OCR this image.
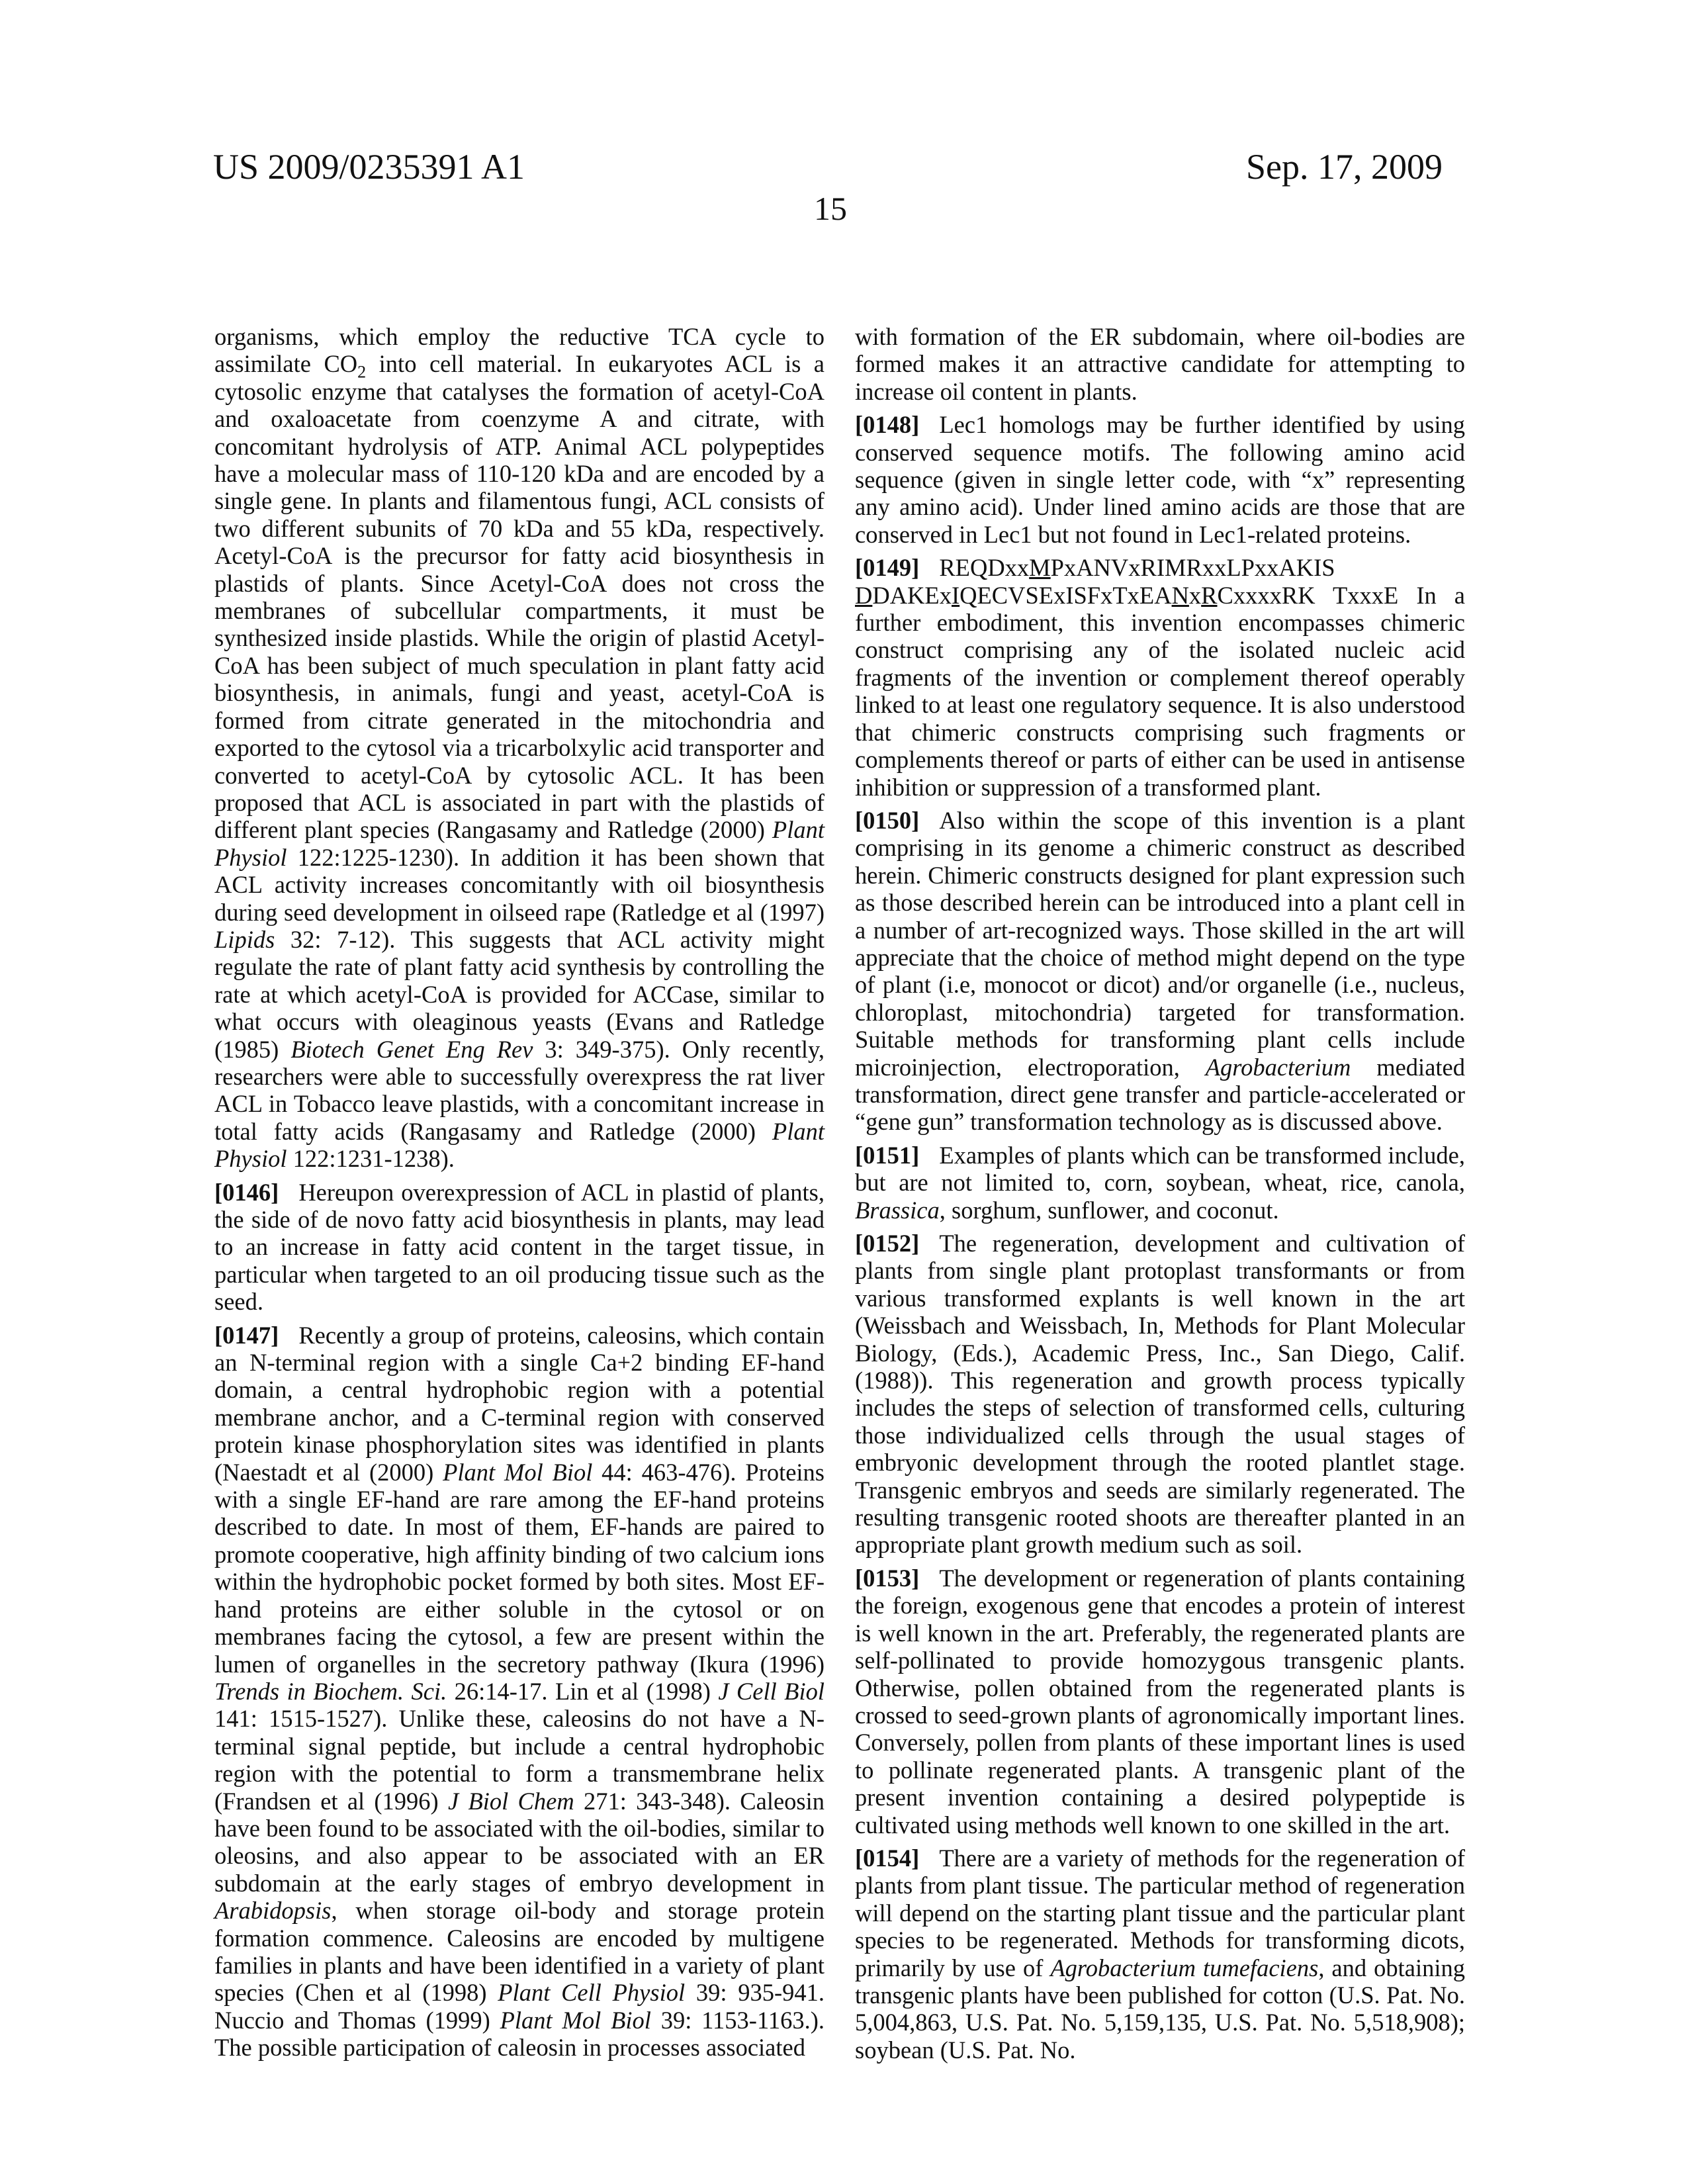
US 2009/0235391 A1	Sep. 17, 2009
15

organisms, which employ the reductive TCA cycle to assimilate CO2 into cell material. In eukaryotes ACL is a cytosolic enzyme that catalyses the formation of acetyl-CoA and oxaloacetate from coenzyme A and citrate, with concomitant hydrolysis of ATP. Animal ACL polypeptides have a molecular mass of 110-120 kDa and are encoded by a single gene. In plants and filamentous fungi, ACL consists of two different subunits of 70 kDa and 55 kDa, respectively. Acetyl-CoA is the precursor for fatty acid biosynthesis in plastids of plants. Since Acetyl-CoA does not cross the membranes of subcellular compartments, it must be synthesized inside plastids. While the origin of plastid Acetyl-CoA has been subject of much speculation in plant fatty acid biosynthesis, in animals, fungi and yeast, acetyl-CoA is formed from citrate generated in the mitochondria and exported to the cytosol via a tricarbolxylic acid transporter and converted to acetyl-CoA by cytosolic ACL. It has been proposed that ACL is associated in part with the plastids of different plant species (Rangasamy and Ratledge (2000) Plant Physiol 122:1225-1230). In addition it has been shown that ACL activity increases concomitantly with oil biosynthesis during seed development in oilseed rape (Ratledge et al (1997) Lipids 32: 7-12). This suggests that ACL activity might regulate the rate of plant fatty acid synthesis by controlling the rate at which acetyl-CoA is provided for ACCase, similar to what occurs with oleaginous yeasts (Evans and Ratledge (1985) Biotech Genet Eng Rev 3: 349-375). Only recently, researchers were able to successfully overexpress the rat liver ACL in Tobacco leave plastids, with a concomitant increase in total fatty acids (Rangasamy and Ratledge (2000) Plant Physiol 122:1231-1238).

[0146] Hereupon overexpression of ACL in plastid of plants, the side of de novo fatty acid biosynthesis in plants, may lead to an increase in fatty acid content in the target tissue, in particular when targeted to an oil producing tissue such as the seed.

[0147] Recently a group of proteins, caleosins, which contain an N-terminal region with a single Ca+2 binding EF-hand domain, a central hydrophobic region with a potential membrane anchor, and a C-terminal region with conserved protein kinase phosphorylation sites was identified in plants (Naestadt et al (2000) Plant Mol Biol 44: 463-476). Proteins with a single EF-hand are rare among the EF-hand proteins described to date. In most of them, EF-hands are paired to promote cooperative, high affinity binding of two calcium ions within the hydrophobic pocket formed by both sites. Most EF-hand proteins are either soluble in the cytosol or on membranes facing the cytosol, a few are present within the lumen of organelles in the secretory pathway (Ikura (1996) Trends in Biochem. Sci. 26:14-17. Lin et al (1998) J Cell Biol 141: 1515-1527). Unlike these, caleosins do not have a N-terminal signal peptide, but include a central hydrophobic region with the potential to form a transmembrane helix (Frandsen et al (1996) J Biol Chem 271: 343-348). Caleosin have been found to be associated with the oil-bodies, similar to oleosins, and also appear to be associated with an ER subdomain at the early stages of embryo development in Arabidopsis, when storage oil-body and storage protein formation commence. Caleosins are encoded by multigene families in plants and have been identified in a variety of plant species (Chen et al (1998) Plant Cell Physiol 39: 935-941. Nuccio and Thomas (1999) Plant Mol Biol 39: 1153-1163.). The possible participation of caleosin in processes associated

with formation of the ER subdomain, where oil-bodies are formed makes it an attractive candidate for attempting to increase oil content in plants.

[0148] Lec1 homologs may be further identified by using conserved sequence motifs. The following amino acid sequence (given in single letter code, with “x” representing any amino acid). Under lined amino acids are those that are conserved in Lec1 but not found in Lec1-related proteins.

[0149] REQDxxMPxANVxRIMRxxLPxxAKIS
DDAKExIQECVSExISFxTxEANxRCxxxxRK TxxxE In a further embodiment, this invention encompasses chimeric construct comprising any of the isolated nucleic acid fragments of the invention or complement thereof operably linked to at least one regulatory sequence. It is also understood that chimeric constructs comprising such fragments or complements thereof or parts of either can be used in antisense inhibition or suppression of a transformed plant.

[0150] Also within the scope of this invention is a plant comprising in its genome a chimeric construct as described herein. Chimeric constructs designed for plant expression such as those described herein can be introduced into a plant cell in a number of art-recognized ways. Those skilled in the art will appreciate that the choice of method might depend on the type of plant (i.e, monocot or dicot) and/or organelle (i.e., nucleus, chloroplast, mitochondria) targeted for transformation. Suitable methods for transforming plant cells include microinjection, electroporation, Agrobacterium mediated transformation, direct gene transfer and particle-accelerated or “gene gun” transformation technology as is discussed above.

[0151] Examples of plants which can be transformed include, but are not limited to, corn, soybean, wheat, rice, canola, Brassica, sorghum, sunflower, and coconut.

[0152] The regeneration, development and cultivation of plants from single plant protoplast transformants or from various transformed explants is well known in the art (Weissbach and Weissbach, In, Methods for Plant Molecular Biology, (Eds.), Academic Press, Inc., San Diego, Calif. (1988)). This regeneration and growth process typically includes the steps of selection of transformed cells, culturing those individualized cells through the usual stages of embryonic development through the rooted plantlet stage. Transgenic embryos and seeds are similarly regenerated. The resulting transgenic rooted shoots are thereafter planted in an appropriate plant growth medium such as soil.

[0153] The development or regeneration of plants containing the foreign, exogenous gene that encodes a protein of interest is well known in the art. Preferably, the regenerated plants are self-pollinated to provide homozygous transgenic plants. Otherwise, pollen obtained from the regenerated plants is crossed to seed-grown plants of agronomically important lines. Conversely, pollen from plants of these important lines is used to pollinate regenerated plants. A transgenic plant of the present invention containing a desired polypeptide is cultivated using methods well known to one skilled in the art.

[0154] There are a variety of methods for the regeneration of plants from plant tissue. The particular method of regeneration will depend on the starting plant tissue and the particular plant species to be regenerated. Methods for transforming dicots, primarily by use of Agrobacterium tumefaciens, and obtaining transgenic plants have been published for cotton (U.S. Pat. No. 5,004,863, U.S. Pat. No. 5,159,135, U.S. Pat. No. 5,518,908); soybean (U.S. Pat. No.
